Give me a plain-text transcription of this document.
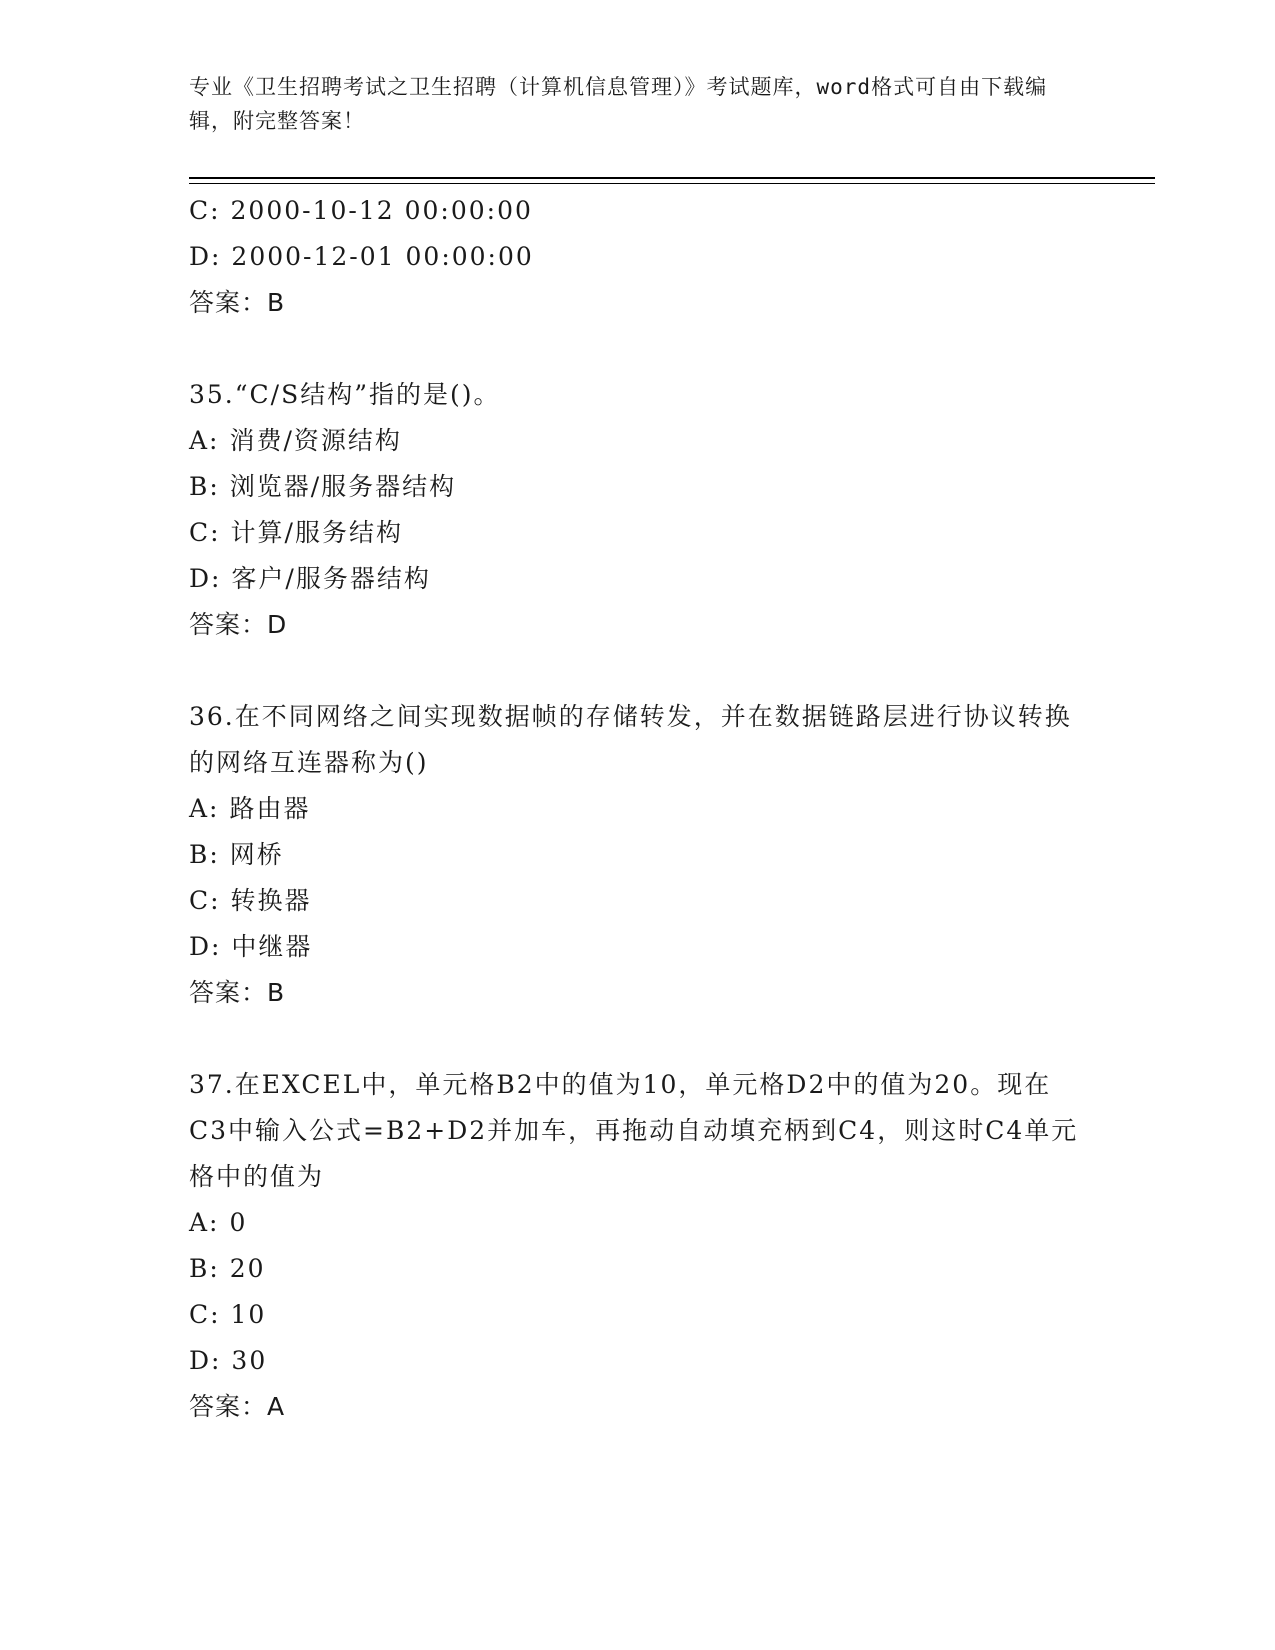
专业《卫生招聘考试之卫生招聘（计算机信息管理）》考试题库，word格式可自由下载编辑，附完整答案！
C: 2000-10-12 00:00:00
D: 2000-12-01 00:00:00
答案：B
35.“C/S结构”指的是()。
A: 消费/资源结构
B: 浏览器/服务器结构
C: 计算/服务结构
D: 客户/服务器结构
答案：D
36.在不同网络之间实现数据帧的存储转发，并在数据链路层进行协议转换的网络互连器称为()
A: 路由器
B: 网桥
C: 转换器
D: 中继器
答案：B
37.在EXCEL中，单元格B2中的值为10，单元格D2中的值为20。现在C3中输入公式=B2+D2并加车，再拖动自动填充柄到C4，则这时C4单元格中的值为
A: 0
B: 20
C: 10
D: 30
答案：A
